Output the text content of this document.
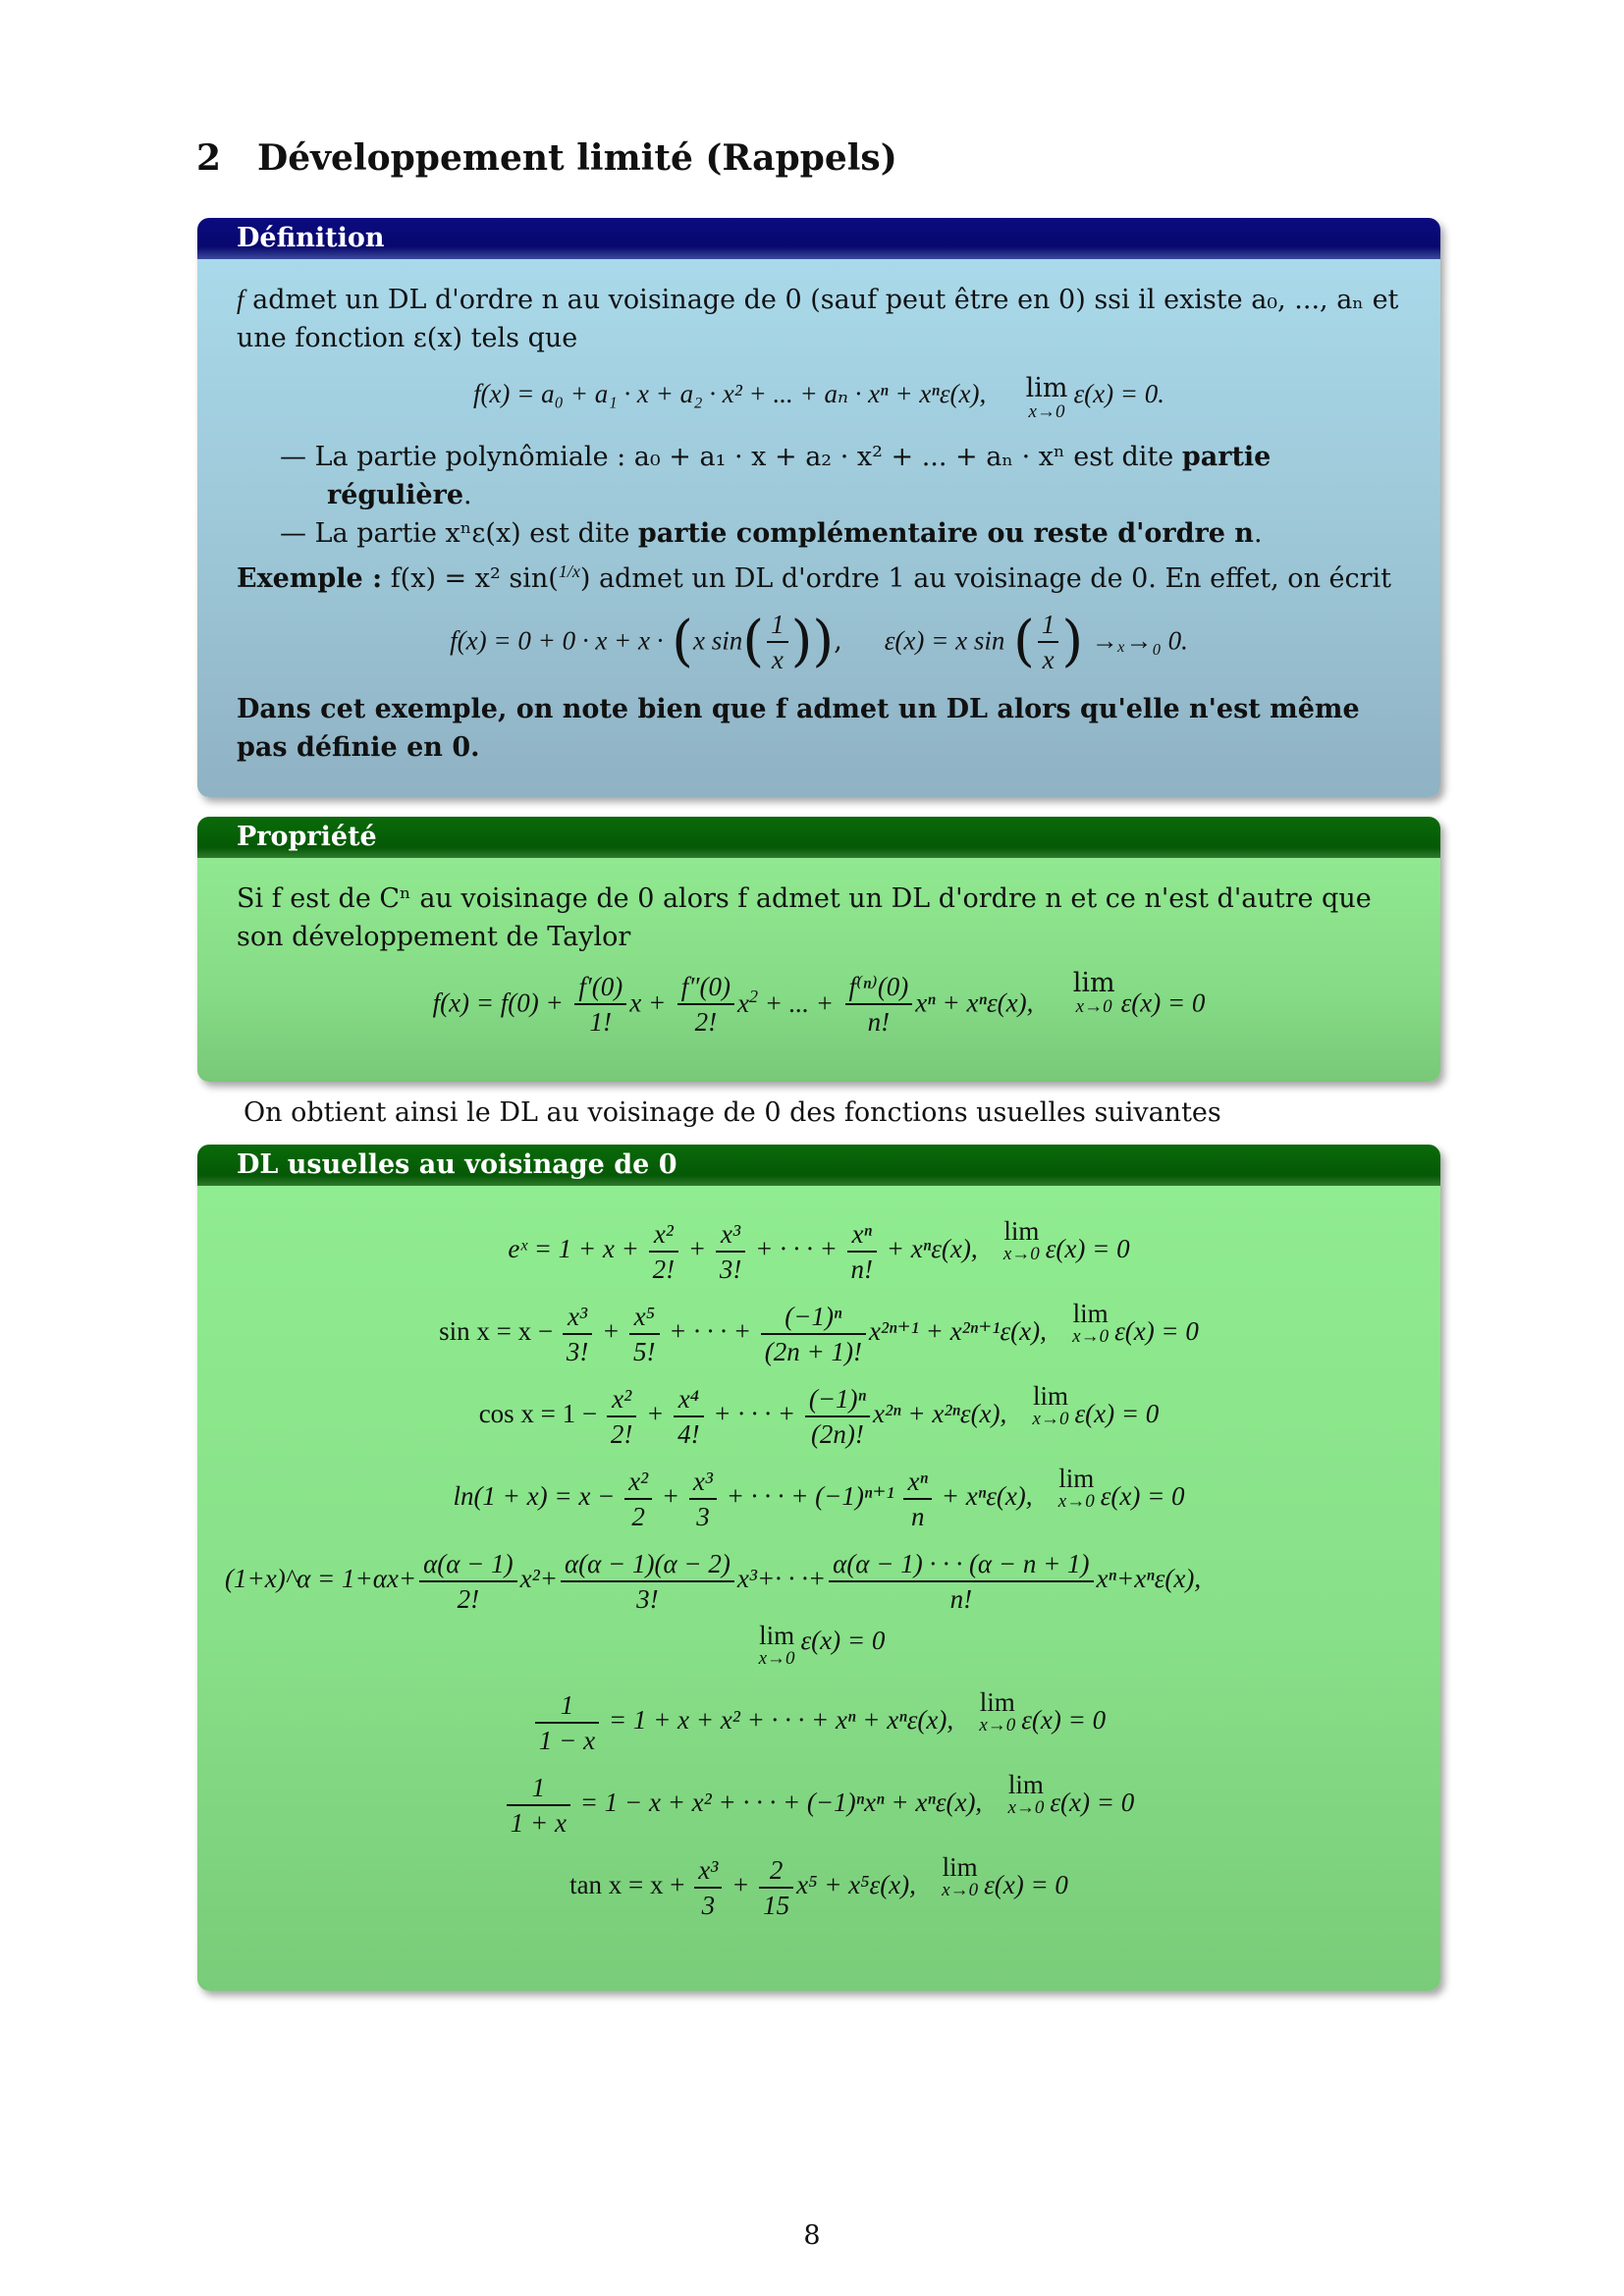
2 Développement limité (Rappels)
Définition
f admet un DL d'ordre n au voisinage de 0 (sauf peut être en 0) ssi il existe a₀, ..., aₙ et une fonction ε(x) tels que
f(x) = a₀ + a₁ · x + a₂ · x² + ... + aₙ · xⁿ + xⁿε(x), lim
x→0
ε(x) = 0.
— La partie polynômiale : a₀ + a₁ · x + a₂ · x² + ... + aₙ · xⁿ est dite partie régulière.
— La partie xⁿε(x) est dite partie complémentaire ou reste d'ordre n.
Exemple : f(x) = x² sin($^{1/x}$) admet un DL d'ordre 1 au voisinage de 0. En effet, on écrit
f(x) = 0 + 0 · x + x · (x $\sin( \frac{1}{x}$ )),     ε(x) = x sin ( $\frac{1}{x}$ ) →ₓ→₀ 0.
Dans cet exemple, on note bien que f admet un DL alors qu'elle n'est même pas définie en 0.
Propriété
Si f est de Cⁿ au voisinage de 0 alors f admet un DL d'ordre n et ce n'est d'autre que son développement de Taylor
$f(x) = f(0) + \frac{f'(0)}{1!}$ $x + \frac{f''(0)}{2!} x^2$ + ... + $\frac{\text{f⁽ⁿ⁾(0)}}{n!}$ xⁿ + xⁿε(x),
lim
x→0 ε(x) = 0
On obtient ainsi le DL au voisinage de 0 des fonctions usuelles suivantes
DL usuelles au voisinage de 0
eˣ = $1 + x + \frac{\text{x²}}{2!} + \frac{\text{x³}}{3!}$ + · · · + $\frac{\text{xⁿ}}{n!} + x^n\varepsilon(x)$,
lim
x→0 ε(x) = 0
$\sin x = x - \frac{\text{x³}}{3!} + \frac{\text{x⁵}}{5!}$ + · · · + $\frac{\text{(−1)ⁿ}}{(2n + 1)!} x^{2n+1} + x^{2n+1}\varepsilon(x)$,
lim
x→0 ε(x) = 0
$\cos x = 1 - \frac{\text{x²}}{2!} + \frac{\text{x⁴}}{4!}$ + · · · + $\frac{\text{(−1)ⁿ}}{(2n)!} x^{2n} + x^{2n}\varepsilon(x)$,
lim
x→0 ε(x) = 0
$\ln(1 + x) = x - \frac{\text{x²}}{2} + \frac{\text{x³}}{3}$ + · · · + $(-1)^{n+1} \frac{\text{xⁿ}}{n} + x^n\varepsilon(x)$,
lim
x→0 ε(x) = 0
(1+x)^α = $1+\alpha x+ \frac{\alpha(\alpha - 1)}{2!} x^2+ \frac{\alpha(\alpha - 1)(\alpha - 2)}{3!} x^3+\cdot$ · ·+ $\frac{\alpha(\alpha - 1) \cdot \cdot \cdot (\alpha - n + 1)}{n!} x^n+x^n\varepsilon(x)$,
lim
x→0
ε(x) = 0
$\frac{1}{1 - x} = 1 + x + x^2$ + · · · + xⁿ + xⁿε(x),
lim
x→0 ε(x) = 0
$\frac{1}{1 + x} = 1 - x + x^2$ + · · · + (−1)ⁿxⁿ + xⁿε(x),
lim
x→0 ε(x) = 0
$\tan x = x + \frac{\text{x³}}{3} + \frac{2}{15} x^5 + x^5\varepsilon(x)$,
lim
x→0 ε(x) = 0
8
